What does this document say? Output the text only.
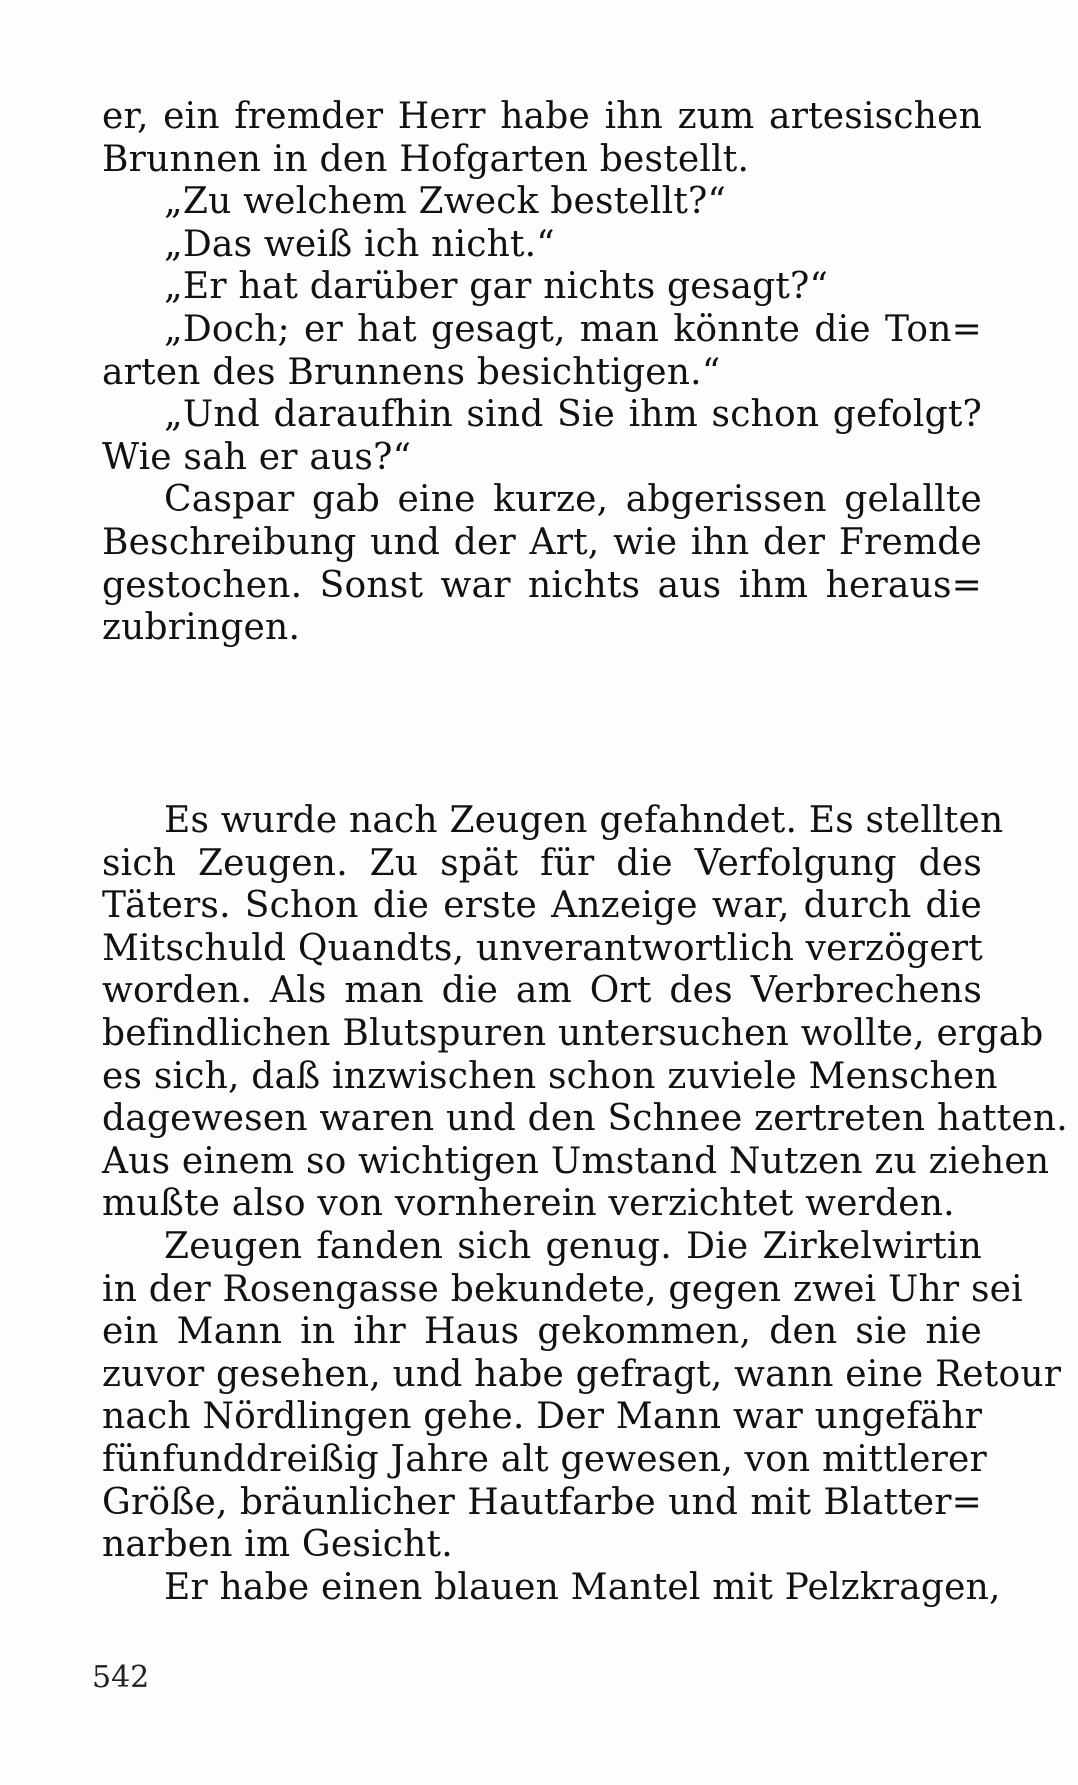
er, ein fremder Herr habe ihn zum artesischen
Brunnen in den Hofgarten bestellt.
„Zu welchem Zweck bestellt?“
„Das weiß ich nicht.“
„Er hat darüber gar nichts gesagt?“
„Doch; er hat gesagt, man könnte die Ton=
arten des Brunnens besichtigen.“
„Und daraufhin sind Sie ihm schon gefolgt?
Wie sah er aus?“
Caspar gab eine kurze, abgerissen gelallte
Beschreibung und der Art, wie ihn der Fremde
gestochen. Sonst war nichts aus ihm heraus=
zubringen.
Es wurde nach Zeugen gefahndet. Es stellten
sich Zeugen. Zu spät für die Verfolgung des
Täters. Schon die erste Anzeige war, durch die
Mitschuld Quandts, unverantwortlich verzögert
worden. Als man die am Ort des Verbrechens
befindlichen Blutspuren untersuchen wollte, ergab
es sich, daß inzwischen schon zuviele Menschen
dagewesen waren und den Schnee zertreten hatten.
Aus einem so wichtigen Umstand Nutzen zu ziehen
mußte also von vornherein verzichtet werden.
Zeugen fanden sich genug. Die Zirkelwirtin
in der Rosengasse bekundete, gegen zwei Uhr sei
ein Mann in ihr Haus gekommen, den sie nie
zuvor gesehen, und habe gefragt, wann eine Retour
nach Nördlingen gehe. Der Mann war ungefähr
fünfunddreißig Jahre alt gewesen, von mittlerer
Größe, bräunlicher Hautfarbe und mit Blatter=
narben im Gesicht.
Er habe einen blauen Mantel mit Pelzkragen,
542
